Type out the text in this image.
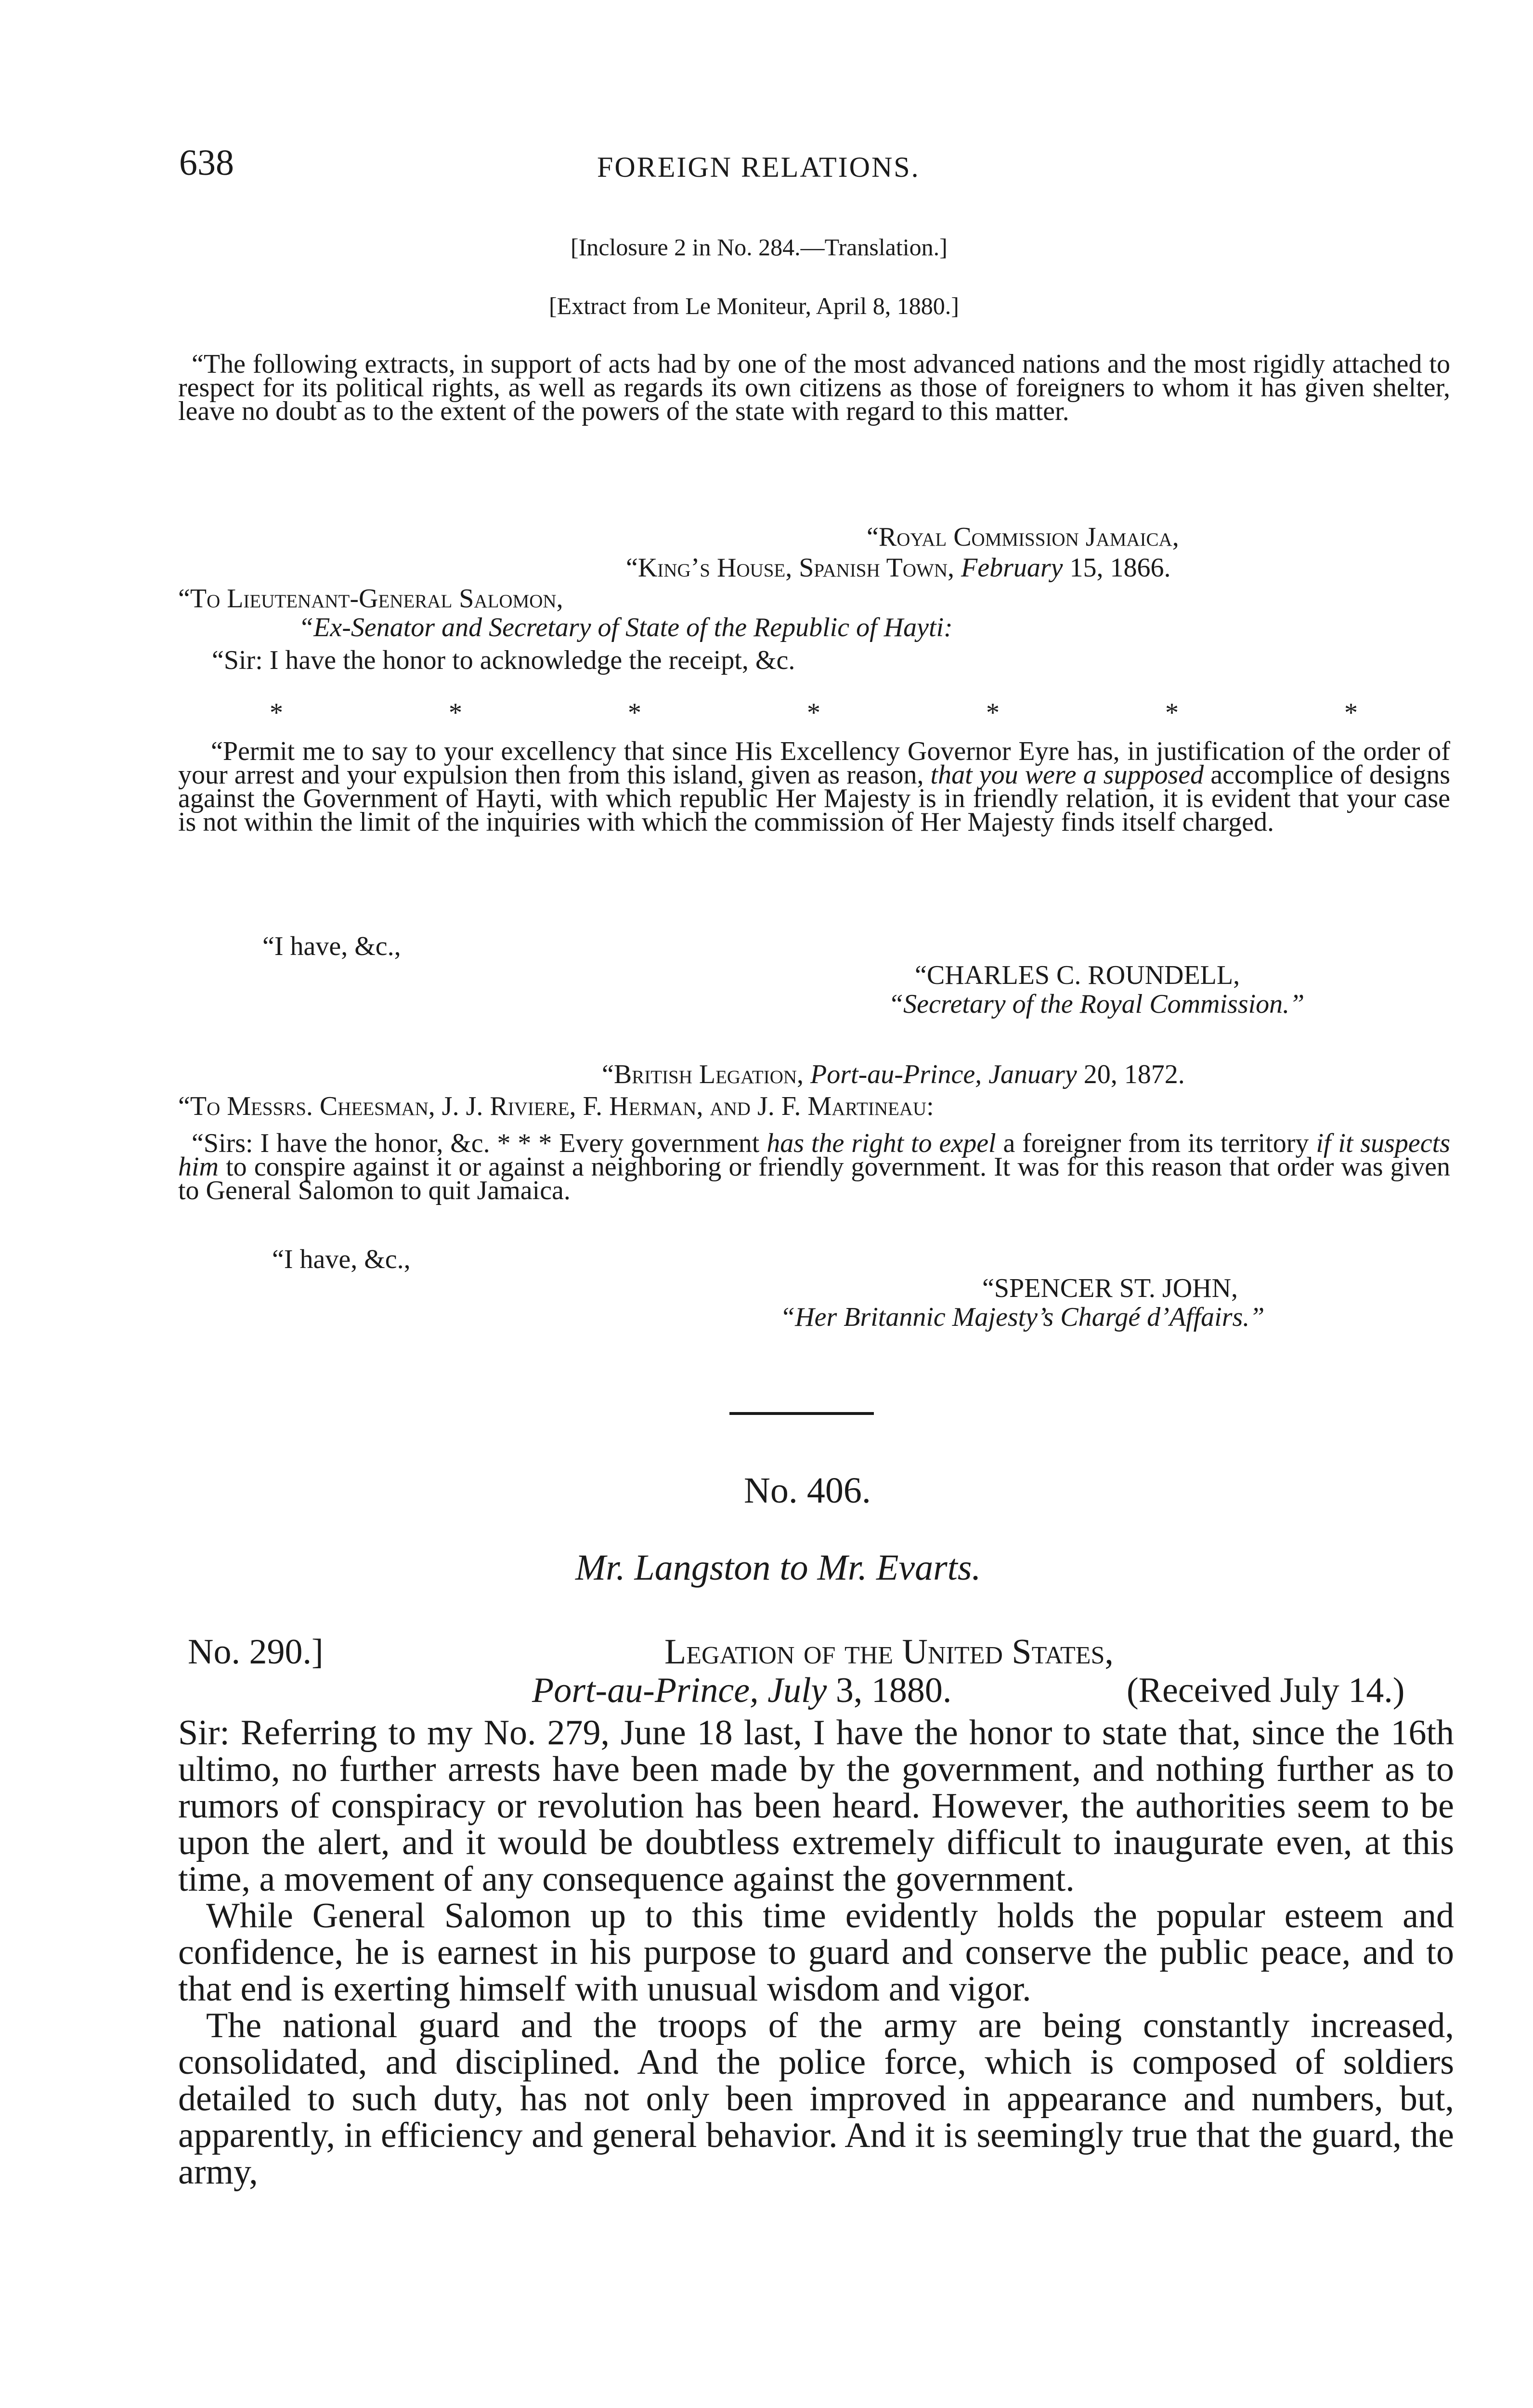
638	FOREIGN RELATIONS.
[Inclosure 2 in No. 284.—Translation.]
[Extract from Le Moniteur, April 8, 1880.]
“The following extracts, in support of acts had by one of the most advanced nations and the most rigidly attached to respect for its political rights, as well as regards its own citizens as those of foreigners to whom it has given shelter, leave no doubt as to the extent of the powers of the state with regard to this matter.
“Royal Commission Jamaica,
“King’s House, Spanish Town, February 15, 1866.
“To Lieutenant-General Salomon,
“Ex-Senator and Secretary of State of the Republic of Hayti:
“Sir: I have the honor to acknowledge the receipt, &c.
*	*	*	*	*	*	*
“Permit me to say to your excellency that since His Excellency Governor Eyre has, in justification of the order of your arrest and your expulsion then from this island, given as reason, that you were a supposed accomplice of designs against the Government of Hayti, with which republic Her Majesty is in friendly relation, it is evident that your case is not within the limit of the inquiries with which the commission of Her Majesty finds itself charged.
“I have, &c.,
“CHARLES C. ROUNDELL,
“Secretary of the Royal Commission.”
“British Legation, Port-au-Prince, January 20, 1872.
“To Messrs. Cheesman, J. J. Riviere, F. Herman, and J. F. Martineau:
“Sirs: I have the honor, &c. * * * Every government has the right to expel a foreigner from its territory if it suspects him to conspire against it or against a neighboring or friendly government. It was for this reason that order was given to General Salomon to quit Jamaica.
“I have, &c.,
“SPENCER ST. JOHN,
“Her Britannic Majesty’s Chargé d’Affairs.”
No. 406.
Mr. Langston to Mr. Evarts.
No. 290.]	Legation of the United States,
Port-au-Prince, July 3, 1880.	(Received July 14.)

Sir: Referring to my No. 279, June 18 last, I have the honor to state that, since the 16th ultimo, no further arrests have been made by the government, and nothing further as to rumors of conspiracy or revolution has been heard. However, the authorities seem to be upon the alert, and it would be doubtless extremely difficult to inaugurate even, at this time, a movement of any consequence against the government.

While General Salomon up to this time evidently holds the popular esteem and confidence, he is earnest in his purpose to guard and conserve the public peace, and to that end is exerting himself with unusual wisdom and vigor.

The national guard and the troops of the army are being constantly increased, consolidated, and disciplined. And the police force, which is composed of soldiers detailed to such duty, has not only been improved in appearance and numbers, but, apparently, in efficiency and general behavior. And it is seemingly true that the guard, the army,
